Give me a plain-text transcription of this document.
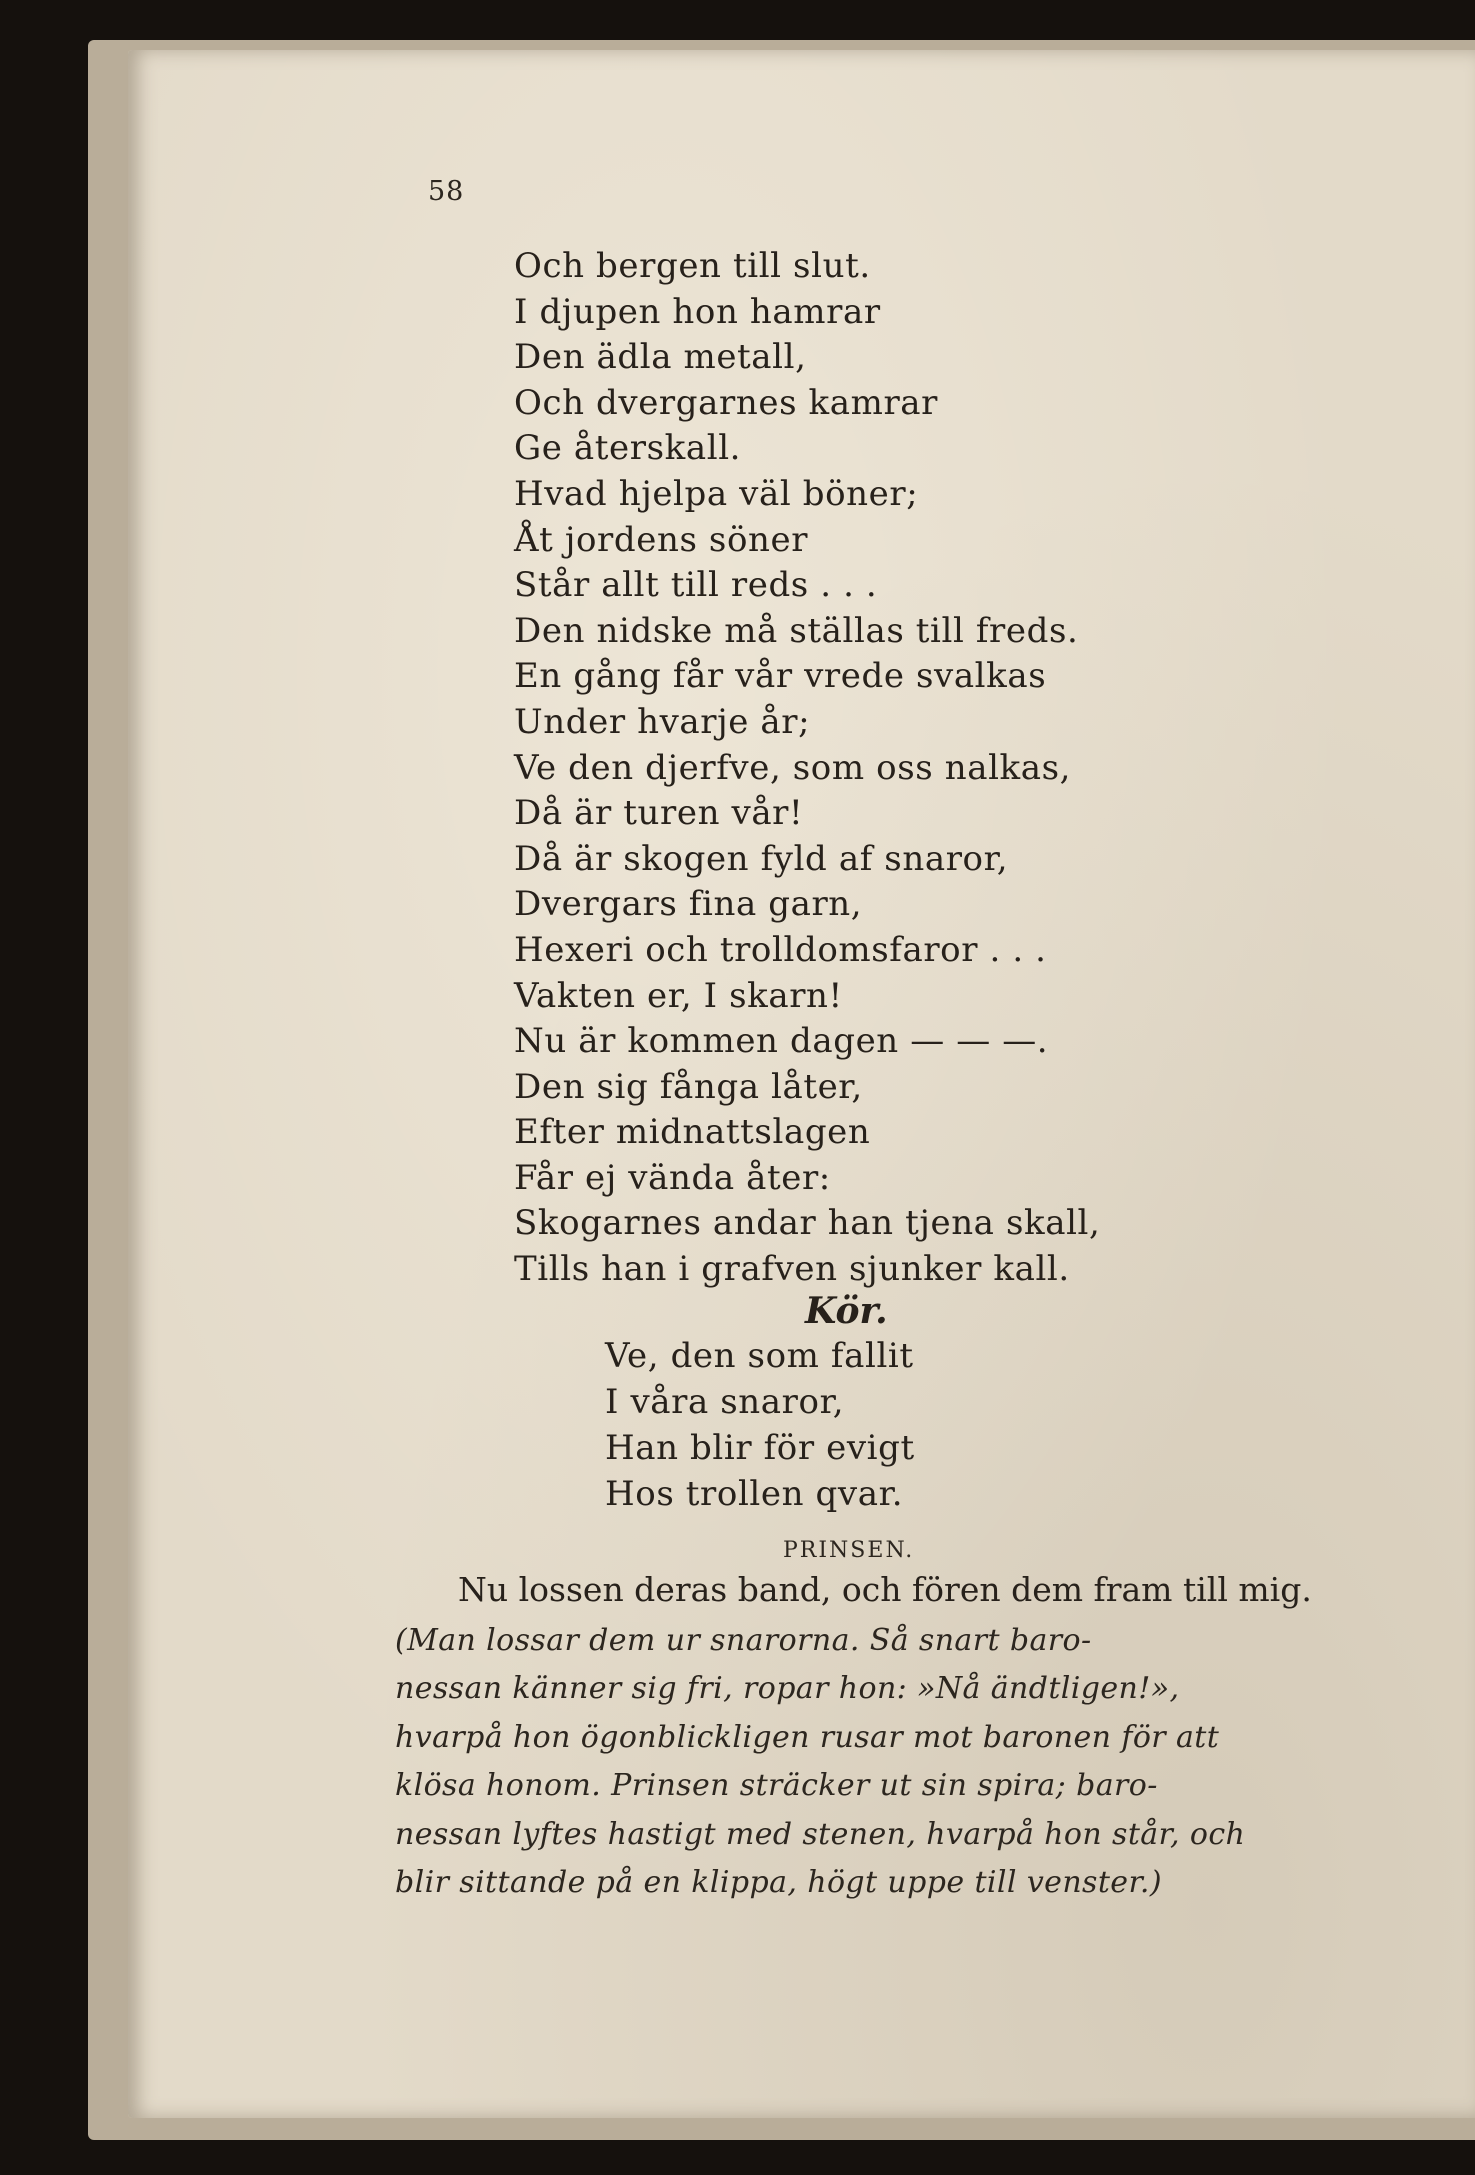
58
Och bergen till slut.
I djupen hon hamrar
Den ädla metall,
Och dvergarnes kamrar
Ge återskall.
Hvad hjelpa väl böner;
Åt jordens söner
Står allt till reds . . .
Den nidske må ställas till freds.
En gång får vår vrede svalkas
Under hvarje år;
Ve den djerfve, som oss nalkas,
Då är turen vår!
Då är skogen fyld af snaror,
Dvergars fina garn,
Hexeri och trolldomsfaror . . .
Vakten er, I skarn!
Nu är kommen dagen — — —.
Den sig fånga låter,
Efter midnattslagen
Får ej vända åter:
Skogarnes andar han tjena skall,
Tills han i grafven sjunker kall.
Kör.
Ve, den som fallit
I våra snaror,
Han blir för evigt
Hos trollen qvar.
PRINSEN.
Nu lossen deras band, och fören dem fram till mig.
(Man lossar dem ur snarorna. Så snart baro-
nessan känner sig fri, ropar hon: »Nå ändtligen!»,
hvarpå hon ögonblickligen rusar mot baronen för att
klösa honom. Prinsen sträcker ut sin spira; baro-
nessan lyftes hastigt med stenen, hvarpå hon står, och
blir sittande på en klippa, högt uppe till venster.)
